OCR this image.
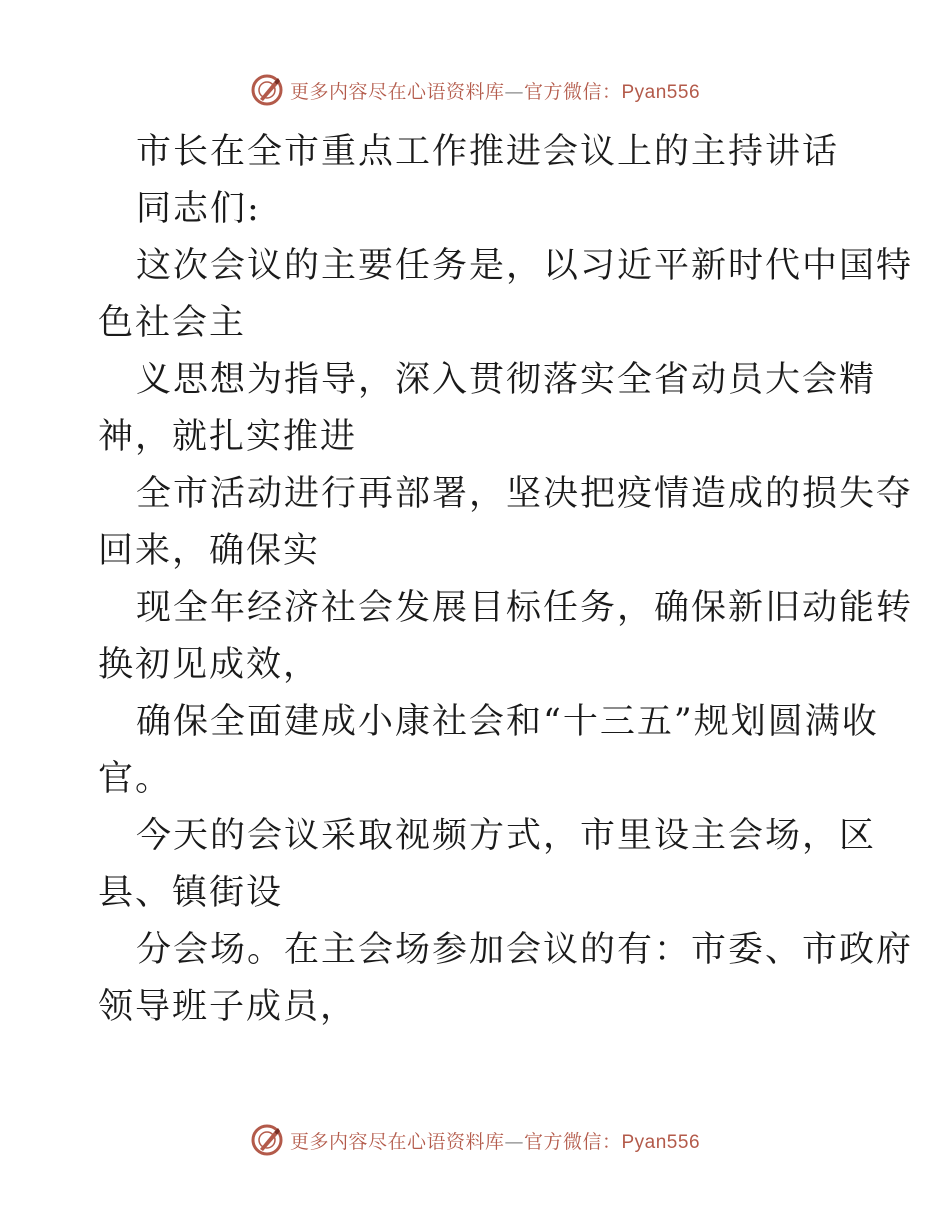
更多内容尽在心语资料库—官方微信：Pyan556
市长在全市重点工作推进会议上的主持讲话
同志们:
这次会议的主要任务是，以习近平新时代中国特
色社会主
义思想为指导，深入贯彻落实全省动员大会精
神，就扎实推进
全市活动进行再部署，坚决把疫情造成的损失夺
回来，确保实
现全年经济社会发展目标任务，确保新旧动能转
换初见成效，
确保全面建成小康社会和“十三五”规划圆满收
官。
今天的会议采取视频方式，市里设主会场，区
县、镇街设
分会场。在主会场参加会议的有：市委、市政府
领导班子成员，
更多内容尽在心语资料库—官方微信：Pyan556
